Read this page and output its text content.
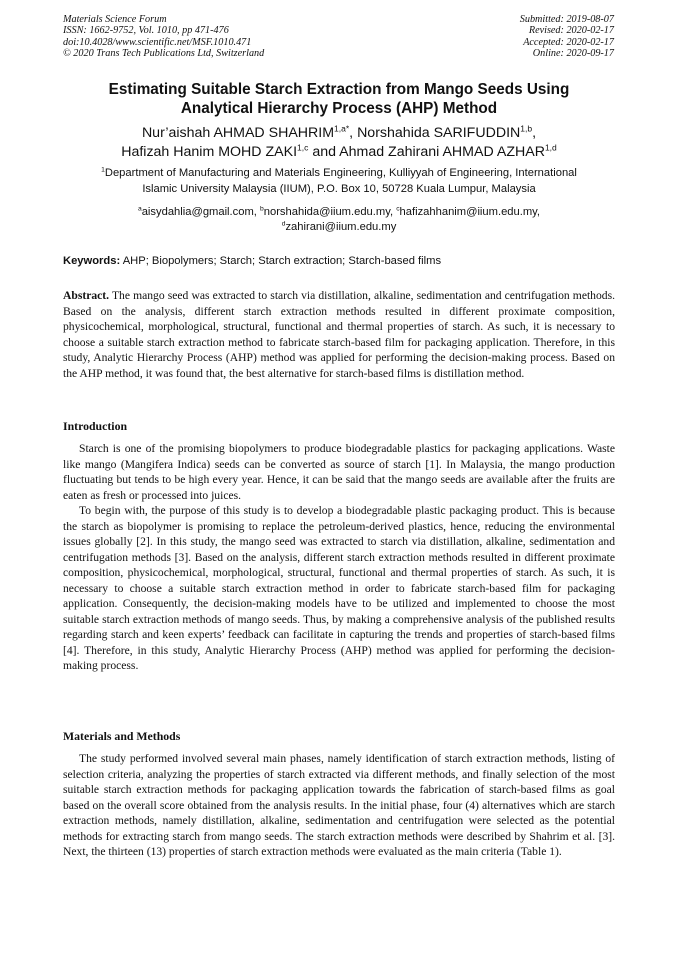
Materials Science Forum
ISSN: 1662-9752, Vol. 1010, pp 471-476
doi:10.4028/www.scientific.net/MSF.1010.471
© 2020 Trans Tech Publications Ltd, Switzerland
Submitted: 2019-08-07
Revised: 2020-02-17
Accepted: 2020-02-17
Online: 2020-09-17
Estimating Suitable Starch Extraction from Mango Seeds Using
Analytical Hierarchy Process (AHP) Method
Nur’aishah AHMAD $SHAHRIM^{1,a*}$, Norshahida SARIFUDDIN$^{1,b}$,
Hafizah Hanim MOHD ZAKI$^{1,c}$ and Ahmad Zahirani AHMAD AZHAR$^{1,d}$
$^1$Department of Manufacturing and Materials Engineering, Kulliyyah of Engineering, International
Islamic University Malaysia (IIUM), P.O. Box 10, 50728 Kuala Lumpur, Malaysia
$^a$aisydahlia@gmail.com, $^b$norshahida@iium.edu.my, $^c$hafizahhanim@iium.edu.my,
$^d$zahirani@iium.edu.my
Keywords: AHP; Biopolymers; Starch; Starch extraction; Starch-based films
Abstract. The mango seed was extracted to starch via distillation, alkaline, sedimentation and centrifugation methods. Based on the analysis, different starch extraction methods resulted in different proximate composition, physicochemical, morphological, structural, functional and thermal properties of starch. As such, it is necessary to choose a suitable starch extraction method to fabricate starch-based film for packaging application. Therefore, in this study, Analytic Hierarchy Process (AHP) method was applied for performing the decision-making process. Based on the AHP method, it was found that, the best alternative for starch-based films is distillation method.
Introduction

Starch is one of the promising biopolymers to produce biodegradable plastics for packaging applications. Waste like mango (Mangifera Indica) seeds can be converted as source of starch [1]. In Malaysia, the mango production fluctuating but tends to be high every year. Hence, it can be said that the mango seeds are available after the fruits are eaten as fresh or processed into juices.

To begin with, the purpose of this study is to develop a biodegradable plastic packaging product. This is because the starch as biopolymer is promising to replace the petroleum-derived plastics, hence, reducing the environmental issues globally [2]. In this study, the mango seed was extracted to starch via distillation, alkaline, sedimentation and centrifugation methods [3]. Based on the analysis, different starch extraction methods resulted in different proximate composition, physicochemical, morphological, structural, functional and thermal properties of starch. As such, it is necessary to choose a suitable starch extraction method in order to fabricate starch-based film for packaging application. Consequently, the decision-making models have to be utilized and implemented to choose the most suitable starch extraction methods of mango seeds. Thus, by making a comprehensive analysis of the published results regarding starch and keen experts’ feedback can facilitate in capturing the trends and properties of starch-based films [4]. Therefore, in this study, Analytic Hierarchy Process (AHP) method was applied for performing the decision-making process.

Materials and Methods

The study performed involved several main phases, namely identification of starch extraction methods, listing of selection criteria, analyzing the properties of starch extracted via different methods, and finally selection of the most suitable starch extraction methods for packaging application towards the fabrication of starch-based films as goal based on the overall score obtained from the analysis results. In the initial phase, four (4) alternatives which are starch extraction methods, namely distillation, alkaline, sedimentation and centrifugation were selected as the potential methods for extracting starch from mango seeds. The starch extraction methods were described by Shahrim et al. [3]. Next, the thirteen (13) properties of starch extraction methods were evaluated as the main criteria (Table 1).
